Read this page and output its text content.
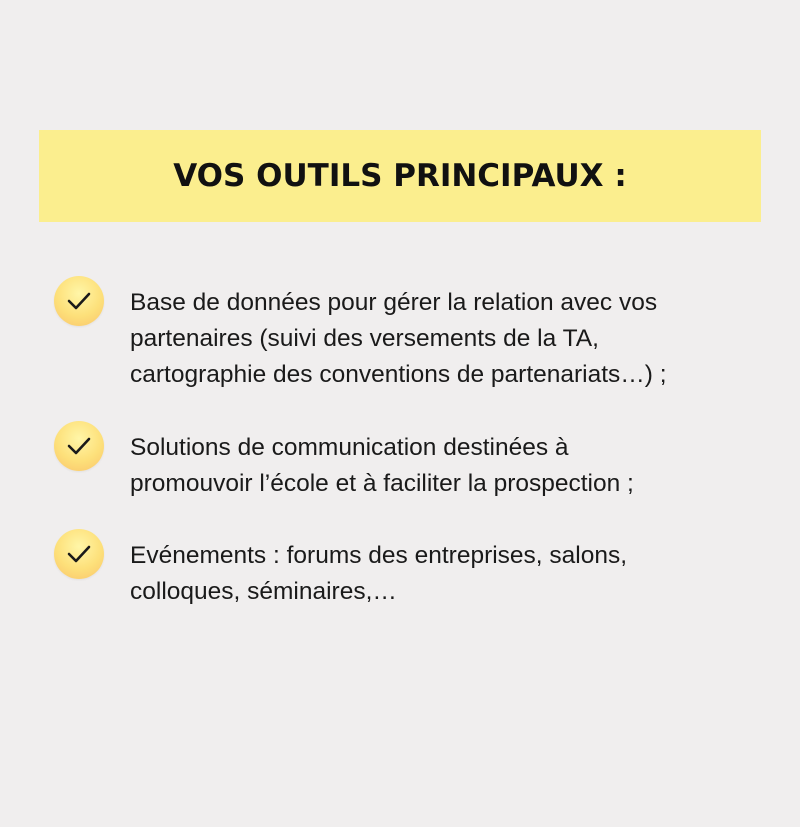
VOS OUTILS PRINCIPAUX :

Base de données pour gérer la relation avec vos
partenaires (suivi des versements de la TA,
cartographie des conventions de partenariats…) ;

Solutions de communication destinées à
promouvoir l’école et à faciliter la prospection ;

Evénements : forums des entreprises, salons,
colloques, séminaires,…
